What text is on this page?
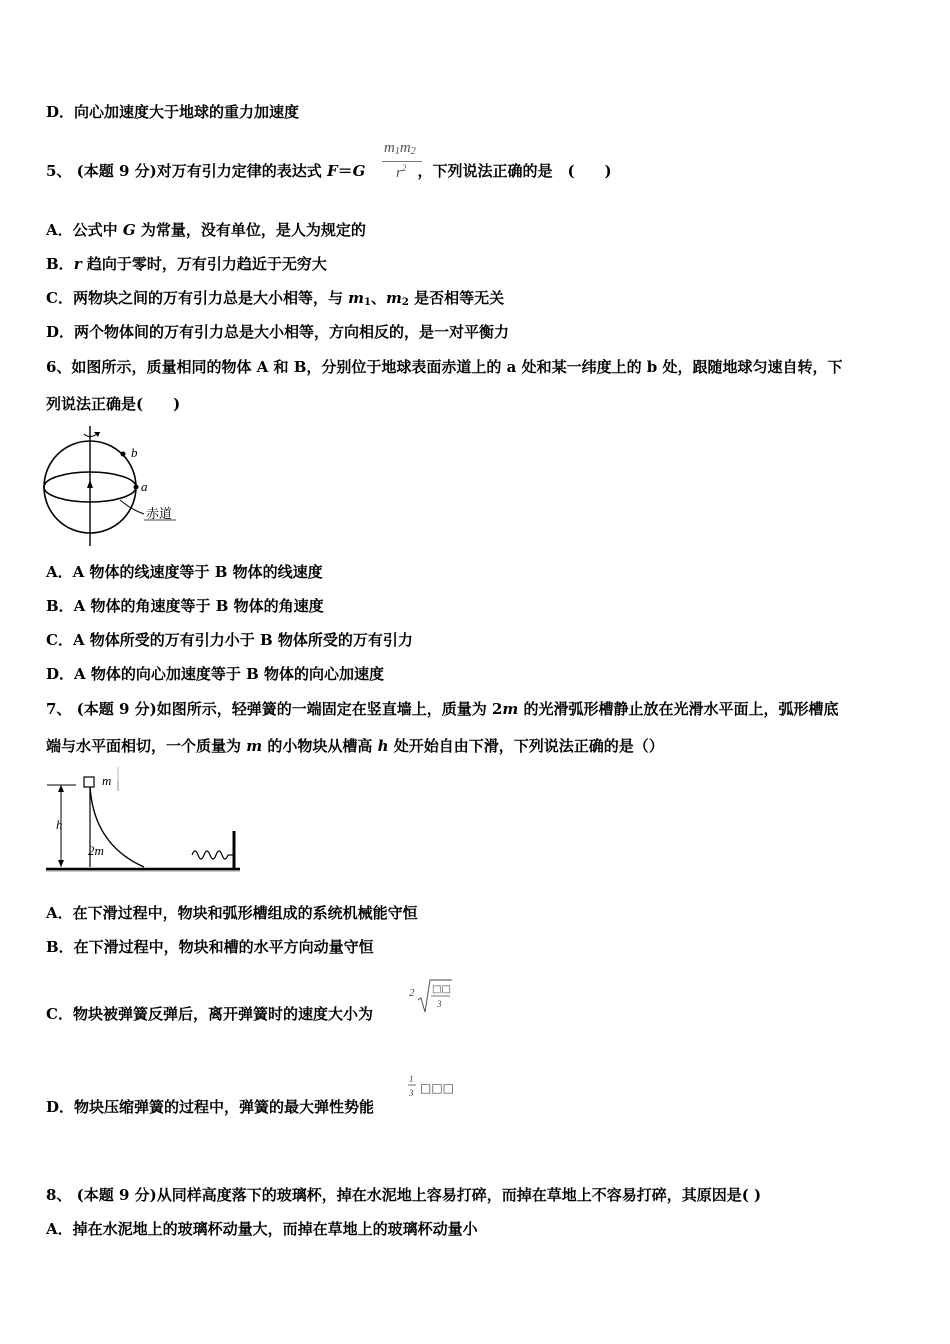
D．向心加速度大于地球的重力加速度
5、 (本题 9 分)对万有引力定律的表达式 F＝G	，下列说法正确的是　(　　)
$m_1m_2$
$r^2$
A．公式中 G 为常量，没有单位，是人为规定的
B．r 趋向于零时，万有引力趋近于无穷大
C．两物块之间的万有引力总是大小相等，与 $m_1$、$m_2$ 是否相等无关
D．两个物体间的万有引力总是大小相等，方向相反的，是一对平衡力
6、如图所示，质量相同的物体 A 和 B，分别位于地球表面赤道上的 a 处和某一纬度上的 b 处，跟随地球匀速自转，下
列说法正确是(　　)
b
a
赤道
A．A 物体的线速度等于 B 物体的线速度
B．A 物体的角速度等于 B 物体的角速度
C．A 物体所受的万有引力小于 B 物体所受的万有引力
D．A 物体的向心加速度等于 B 物体的向心加速度
7、 (本题 9 分)如图所示，轻弹簧的一端固定在竖直墙上，质量为 2m 的光滑弧形槽静止放在光滑水平面上，弧形槽底
端与水平面相切，一个质量为 m 的小物块从槽高 h 处开始自由下滑，下列说法正确的是（）
m
h
2m
A．在下滑过程中，物块和弧形槽组成的系统机械能守恒
B．在下滑过程中，物块和槽的水平方向动量守恒
C．物块被弹簧反弹后，离开弹簧时的速度大小为
2 □□
3
D．物块压缩弹簧的过程中，弹簧的最大弹性势能
1
3 □□□
8、 (本题 9 分)从同样高度落下的玻璃杯，掉在水泥地上容易打碎，而掉在草地上不容易打碎，其原因是( )
A．掉在水泥地上的玻璃杯动量大，而掉在草地上的玻璃杯动量小
